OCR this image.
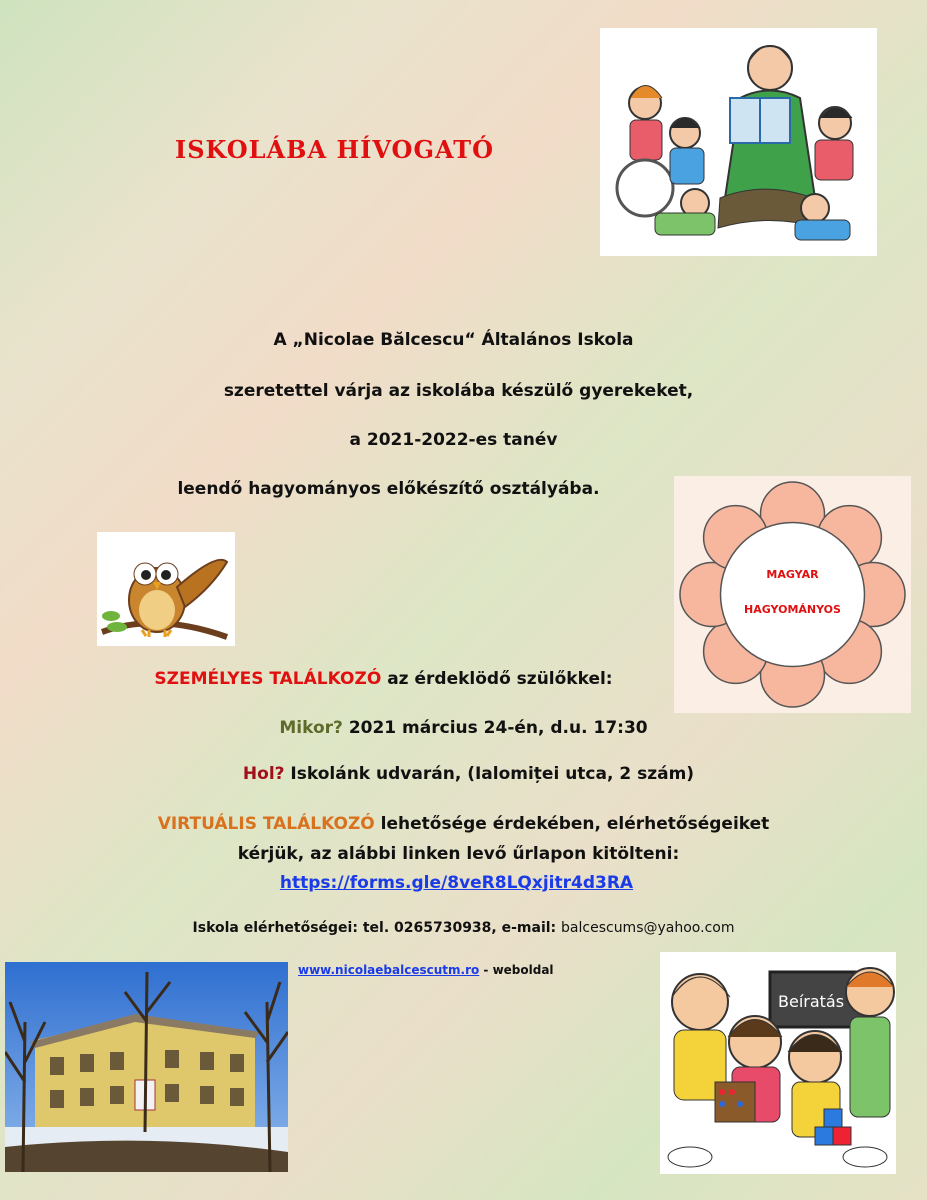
ISKOLÁBA HÍVOGATÓ
A „Nicolae Bălcescu“ Általános Iskola
szeretettel várja az iskolába készülő gyerekeket,
a 2021-2022-es tanév
leendő hagyományos előkészítő osztályába.
MAGYAR
HAGYOMÁNYOS
SZEMÉLYES TALÁLKOZÓ az érdeklödő szülőkkel:
Mikor? 2021 március 24-én, d.u. 17:30
Hol? Iskolánk udvarán, (Ialomiței utca, 2 szám)
VIRTUÁLIS TALÁLKOZÓ lehetősége érdekében, elérhetőségeiket
kérjük, az alábbi linken levő űrlapon kitölteni:
https://forms.gle/8veR8LQxjitr4d3RA
Iskola elérhetőségei: tel. 0265730938, e-mail: balcescums@yahoo.com
www.nicolaebalcescutm.ro - weboldal
Beíratás
